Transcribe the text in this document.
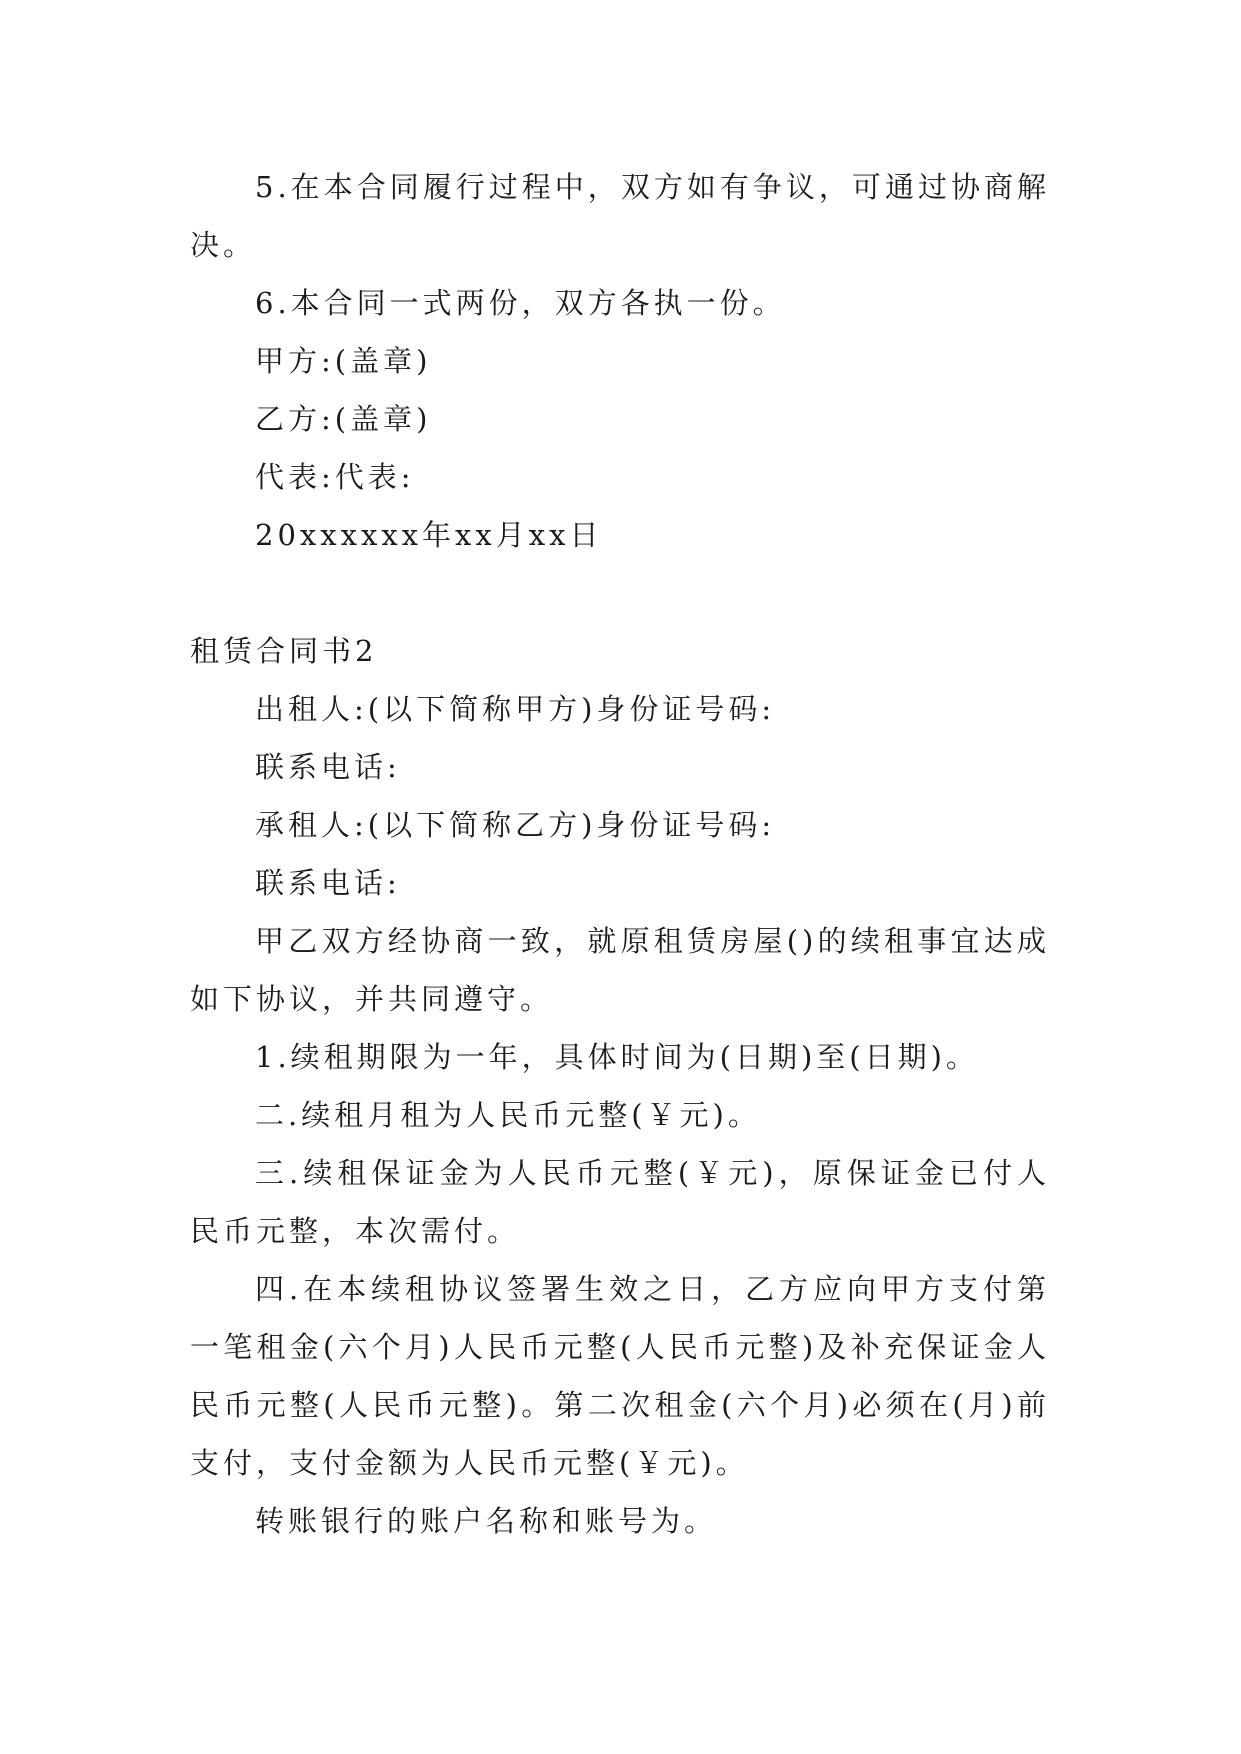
5.在本合同履行过程中，双方如有争议，可通过协商解决。

6.本合同一式两份，双方各执一份。

甲方:(盖章)

乙方:(盖章)

代表:代表:

20xxxxxx年xx月xx日

租赁合同书2

出租人:(以下简称甲方)身份证号码:

联系电话:

承租人:(以下简称乙方)身份证号码:

联系电话:

甲乙双方经协商一致，就原租赁房屋()的续租事宜达成如下协议，并共同遵守。

1.续租期限为一年，具体时间为(日期)至(日期)。

二.续租月租为人民币元整(￥元)。

三.续租保证金为人民币元整(￥元)，原保证金已付人民币元整，本次需付。

四.在本续租协议签署生效之日，乙方应向甲方支付第一笔租金(六个月)人民币元整(人民币元整)及补充保证金人民币元整(人民币元整)。第二次租金(六个月)必须在(月)前支付，支付金额为人民币元整(￥元)。

转账银行的账户名称和账号为。
